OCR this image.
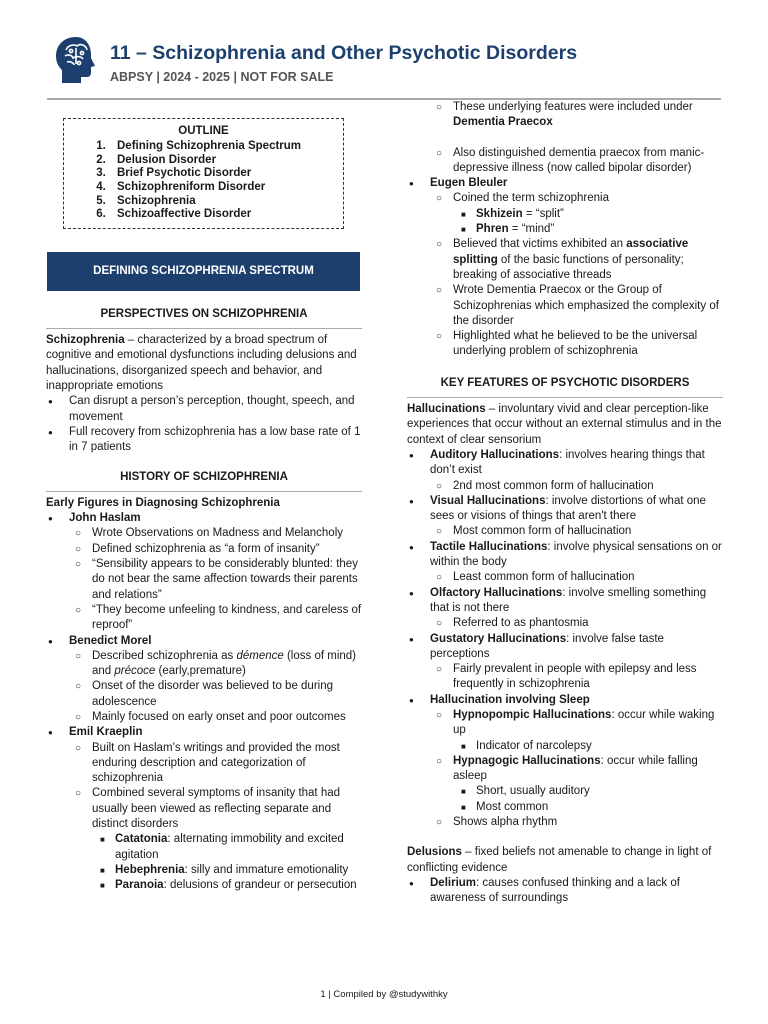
11 – Schizophrenia and Other Psychotic Disorders
ABPSY | 2024 - 2025 | NOT FOR SALE
OUTLINE
1. Defining Schizophrenia Spectrum
2. Delusion Disorder
3. Brief Psychotic Disorder
4. Schizophreniform Disorder
5. Schizophrenia
6. Schizoaffective Disorder
DEFINING SCHIZOPHRENIA SPECTRUM
PERSPECTIVES ON SCHIZOPHRENIA

Schizophrenia – characterized by a broad spectrum of cognitive and emotional dysfunctions including delusions and hallucinations, disorganized speech and behavior, and inappropriate emotions

● Can disrupt a person’s perception, thought, speech, and movement
● Full recovery from schizophrenia has a low base rate of 1 in 7 patients
HISTORY OF SCHIZOPHRENIA

Early Figures in Diagnosing Schizophrenia

● John Haslam
○ Wrote Observations on Madness and Melancholy
○ Defined schizophrenia as “a form of insanity”
○ “Sensibility appears to be considerably blunted: they do not bear the same affection towards their parents and relations”
○ “They become unfeeling to kindness, and careless of reproof”
● Benedict Morel
○ Described schizophrenia as démence (loss of mind) and précoce (early,premature)
○ Onset of the disorder was believed to be during adolescence
○ Mainly focused on early onset and poor outcomes
● Emil Kraeplin
○ Built on Haslam’s writings and provided the most enduring description and categorization of schizophrenia
○ Combined several symptoms of insanity that had usually been viewed as reflecting separate and distinct disorders
■ Catatonia: alternating immobility and excited agitation
■ Hebephrenia: silly and immature emotionality
■ Paranoia: delusions of grandeur or persecution
○ These underlying features were included under Dementia Praecox
○ Also distinguished dementia praecox from manic-depressive illness (now called bipolar disorder)
● Eugen Bleuler
○ Coined the term schizophrenia
■ Skhizein = “split”
■ Phren = “mind”
○ Believed that victims exhibited an associative splitting of the basic functions of personality; breaking of associative threads
○ Wrote Dementia Praecox or the Group of Schizophrenias which emphasized the complexity of the disorder
○ Highlighted what he believed to be the universal underlying problem of schizophrenia
KEY FEATURES OF PSYCHOTIC DISORDERS

Hallucinations – involuntary vivid and clear perception-like experiences that occur without an external stimulus and in the context of clear sensorium

● Auditory Hallucinations: involves hearing things that don’t exist
○ 2nd most common form of hallucination
● Visual Hallucinations: involve distortions of what one sees or visions of things that aren't there
○ Most common form of hallucination
● Tactile Hallucinations: involve physical sensations on or within the body
○ Least common form of hallucination
● Olfactory Hallucinations: involve smelling something that is not there
○ Referred to as phantosmia
● Gustatory Hallucinations: involve false taste perceptions
○ Fairly prevalent in people with epilepsy and less frequently in schizophrenia
● Hallucination involving Sleep
○ Hypnopompic Hallucinations: occur while waking up
■ Indicator of narcolepsy
○ Hypnagogic Hallucinations: occur while falling asleep
■ Short, usually auditory
■ Most common
○ Shows alpha rhythm

Delusions – fixed beliefs not amenable to change in light of conflicting evidence

● Delirium: causes confused thinking and a lack of awareness of surroundings
1 | Compiled by @studywithky
